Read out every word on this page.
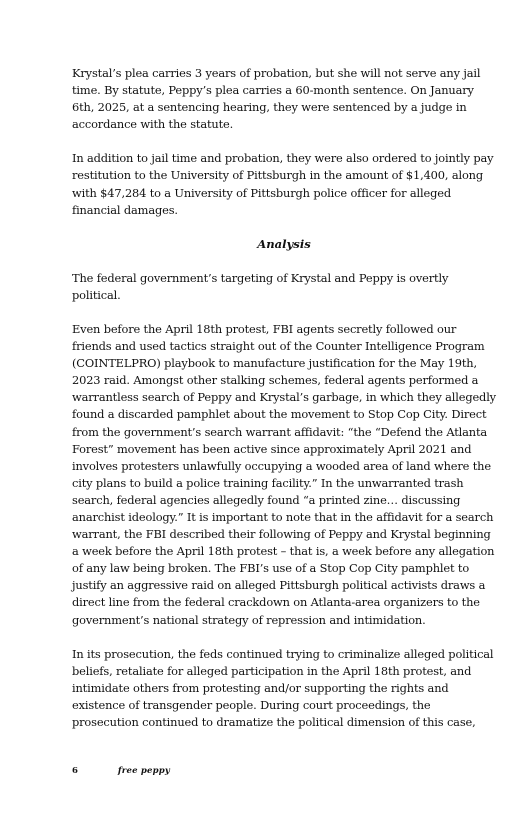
Krystal’s plea carries 3 years of probation, but she will not serve any jail time. By statute, Peppy’s plea carries a 60-month sentence. On January 6th, 2025, at a sentencing hearing, they were sentenced by a judge in accordance with the statute.

In addition to jail time and probation, they were also ordered to jointly pay restitution to the University of Pittsburgh in the amount of $1,400, along with $47,284 to a University of Pittsburgh police officer for alleged financial damages.

Analysis

The federal government’s targeting of Krystal and Peppy is overtly political.

Even before the April 18th protest, FBI agents secretly followed our friends and used tactics straight out of the Counter Intelligence Program (COINTELPRO) playbook to manufacture justification for the May 19th, 2023 raid. Amongst other stalking schemes, federal agents performed a warrantless search of Peppy and Krystal’s garbage, in which they allegedly found a discarded pamphlet about the movement to Stop Cop City. Direct from the government’s search warrant affidavit: “the “Defend the Atlanta Forest” movement has been active since approximately April 2021 and involves protesters unlawfully occupying a wooded area of land where the city plans to build a police training facility.” In the unwarranted trash search, federal agencies allegedly found “a printed zine… discussing anarchist ideology.” It is important to note that in the affidavit for a search warrant, the FBI described their following of Peppy and Krystal beginning a week before the April 18th protest – that is, a week before any allegation of any law being broken. The FBI’s use of a Stop Cop City pamphlet to justify an aggressive raid on alleged Pittsburgh political activists draws a direct line from the federal crackdown on Atlanta-area organizers to the government’s national strategy of repression and intimidation.

In its prosecution, the feds continued trying to criminalize alleged political beliefs, retaliate for alleged participation in the April 18th protest, and intimidate others from protesting and/or supporting the rights and existence of transgender people. During court proceedings, the prosecution continued to dramatize the political dimension of this case,

6	free peppy
